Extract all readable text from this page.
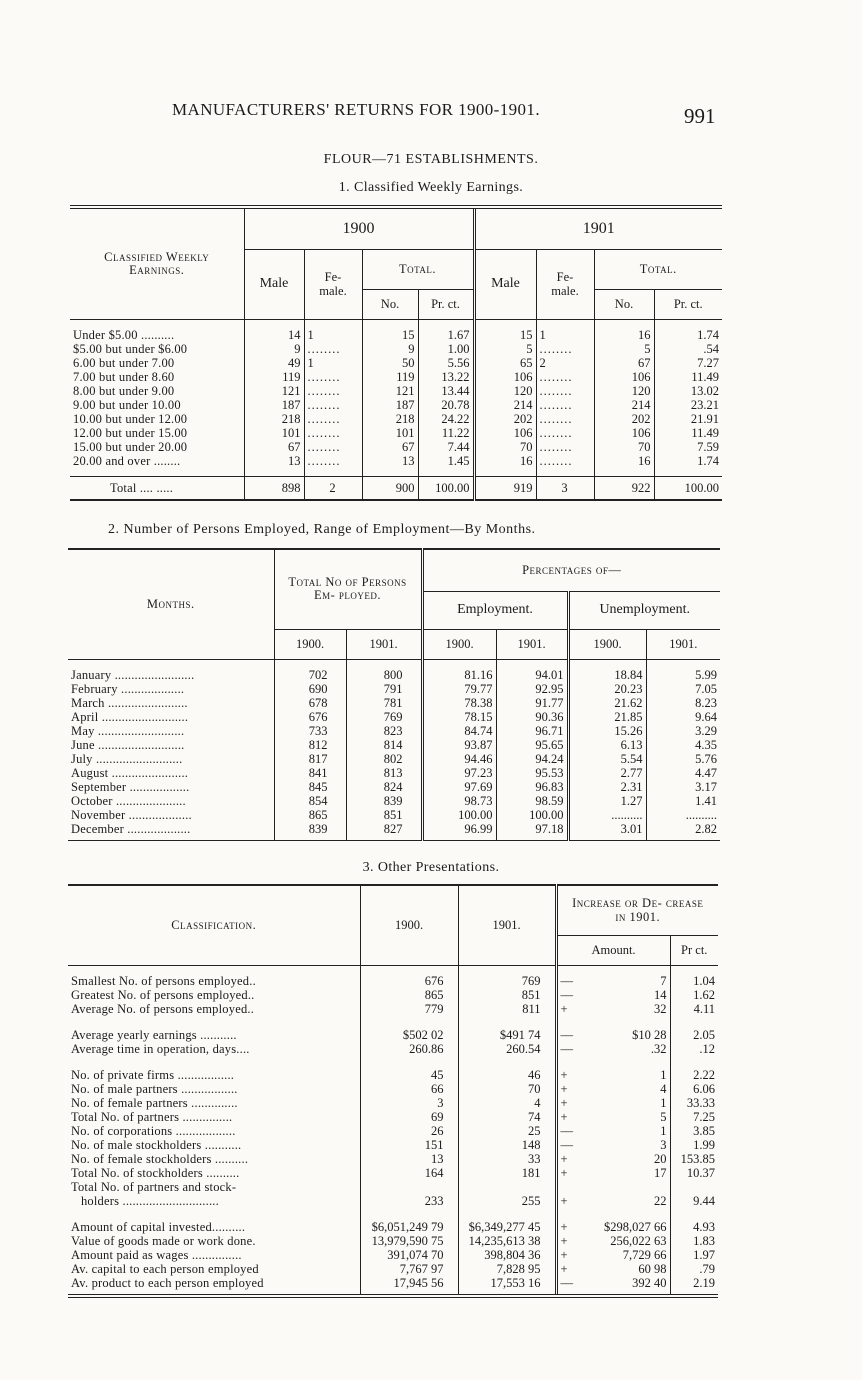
MANUFACTURERS' RETURNS FOR 1900-1901.	991
FLOUR—71 ESTABLISHMENTS.
1. Classified Weekly Earnings.
Classified Weekly Earnings.	1900				1901			
	Male	Fe- male.	Total.		Male	Fe- male.	Total.	
			No.	Pr. ct.			No.	Pr. ct.

Under $5.00 ..........	14	1	15	1.67	15	1	16	1.74
$5.00 but under $6.00	9	........	9	1.00	5	........	5	.54
6.00 but under 7.00	49	1	50	5.56	65	2	67	7.27
7.00 but under 8.60	119	........	119	13.22	106	........	106	11.49
8.00 but under 9.00	121	........	121	13.44	120	........	120	13.02
9.00 but under 10.00	187	........	187	20.78	214	........	214	23.21
10.00 but under 12.00	218	........	218	24.22	202	........	202	21.91
12.00 but under 15.00	101	........	101	11.22	106	........	106	11.49
15.00 but under 20.00	67	........	67	7.44	70	........	70	7.59
20.00 and over ........	13	........	13	1.45	16	........	16	1.74

Total .... .....	898	2	900	100.00	919	3	922	100.00
2. Number of Persons Employed, Range of Employment—By Months.
Months.	Total No of Persons Em- ployed.		Percentages of—			
			Employment.		Unemployment.	
	1900.	1901.	1900.	1901.	1900.	1901.

January ........................	702	800	81.16	94.01	18.84	5.99
February ...................	690	791	79.77	92.95	20.23	7.05
March ........................	678	781	78.38	91.77	21.62	8.23
April ..........................	676	769	78.15	90.36	21.85	9.64
May ..........................	733	823	84.74	96.71	15.26	3.29
June ..........................	812	814	93.87	95.65	6.13	4.35
July ..........................	817	802	94.46	94.24	5.54	5.76
August .......................	841	813	97.23	95.53	2.77	4.47
September ..................	845	824	97.69	96.83	2.31	3.17
October .....................	854	839	98.73	98.59	1.27	1.41
November ...................	865	851	100.00	100.00	..........	..........
December ...................	839	827	96.99	97.18	3.01	2.82

3. Other Presentations.
Classification.	1900.	1901.	Increase or De- crease in 1901.		
			Amount.		Pr ct.

Smallest No. of persons employed..	676	769	—	7	1.04
Greatest No. of persons employed..	865	851	—	14	1.62
Average No. of persons employed..	779	811	+	32	4.11

Average yearly earnings ...........	$502 02	$491 74	—	$10 28	2.05
Average time in operation, days....	260.86	260.54	—	.32	.12

No. of private firms .................	45	46	+	1	2.22
No. of male partners .................	66	70	+	4	6.06
No. of female partners ..............	3	4	+	1	33.33
Total No. of partners ...............	69	74	+	5	7.25
No. of corporations ..................	26	25	—	1	3.85
No. of male stockholders ...........	151	148	—	3	1.99
No. of female stockholders ..........	13	33	+	20	153.85
Total No. of stockholders ..........	164	181	+	17	10.37
Total No. of partners and stock-					
holders .............................	233	255	+	22	9.44

Amount of capital invested..........	$6,051,249 79	$6,349,277 45	+	$298,027 66	4.93
Value of goods made or work done.	13,979,590 75	14,235,613 38	+	256,022 63	1.83
Amount paid as wages ...............	391,074 70	398,804 36	+	7,729 66	1.97
Av. capital to each person employed	7,767 97	7,828 95	+	60 98	.79
Av. product to each person employed	17,945 56	17,553 16	—	392 40	2.19
